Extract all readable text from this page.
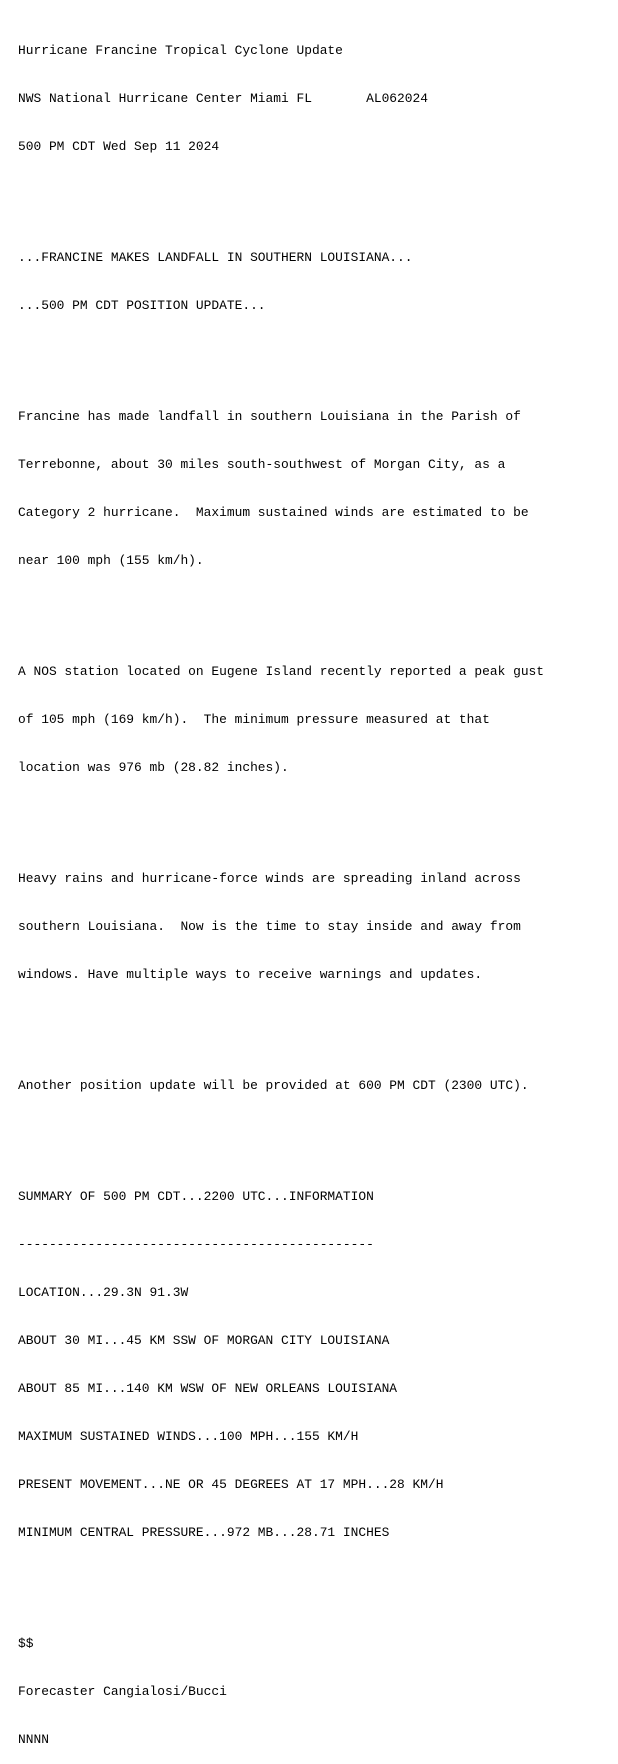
Hurricane Francine Tropical Cyclone Update

NWS National Hurricane Center Miami FL       AL062024

500 PM CDT Wed Sep 11 2024

...FRANCINE MAKES LANDFALL IN SOUTHERN LOUISIANA...

...500 PM CDT POSITION UPDATE...

Francine has made landfall in southern Louisiana in the Parish of

Terrebonne, about 30 miles south-southwest of Morgan City, as a

Category 2 hurricane.  Maximum sustained winds are estimated to be

near 100 mph (155 km/h).

A NOS station located on Eugene Island recently reported a peak gust

of 105 mph (169 km/h).  The minimum pressure measured at that

location was 976 mb (28.82 inches).

Heavy rains and hurricane-force winds are spreading inland across

southern Louisiana.  Now is the time to stay inside and away from

windows. Have multiple ways to receive warnings and updates.

Another position update will be provided at 600 PM CDT (2300 UTC).

SUMMARY OF 500 PM CDT...2200 UTC...INFORMATION

----------------------------------------------

LOCATION...29.3N 91.3W

ABOUT 30 MI...45 KM SSW OF MORGAN CITY LOUISIANA

ABOUT 85 MI...140 KM WSW OF NEW ORLEANS LOUISIANA

MAXIMUM SUSTAINED WINDS...100 MPH...155 KM/H

PRESENT MOVEMENT...NE OR 45 DEGREES AT 17 MPH...28 KM/H

MINIMUM CENTRAL PRESSURE...972 MB...28.71 INCHES

$$

Forecaster Cangialosi/Bucci

NNNN
